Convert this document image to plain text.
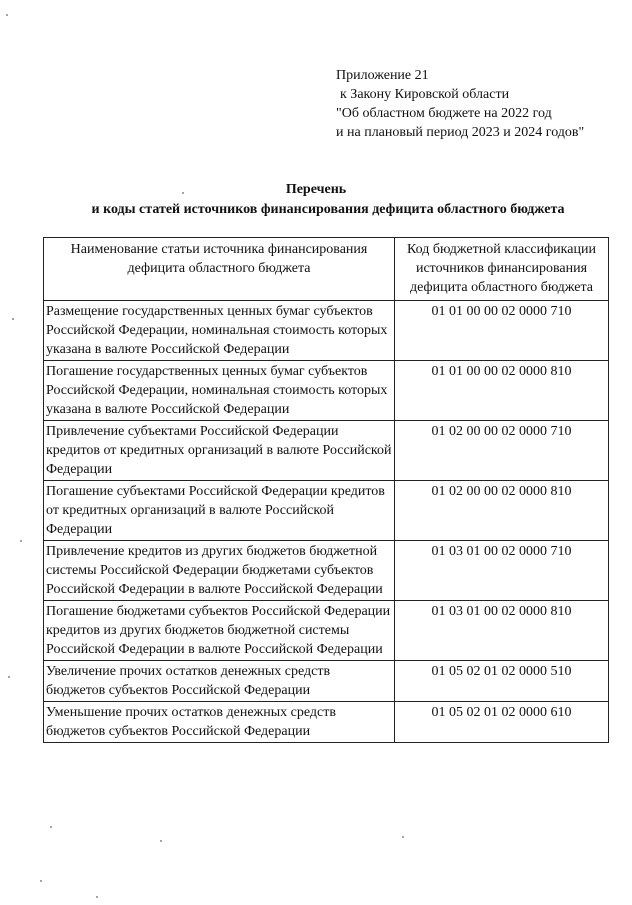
Приложение 21
к Закону Кировской области
"Об областном бюджете на 2022 год
и на плановый период 2023 и 2024 годов"
Перечень
и коды статей источников финансирования дефицита областного бюджета
Наименование статьи источника финансирования дефицита областного бюджета	Код бюджетной классификации источников финансирования дефицита областного бюджета
Размещение государственных ценных бумаг субъектов Российской Федерации, номинальная стоимость которых указана в валюте Российской Федерации	01 01 00 00 02 0000 710
Погашение государственных ценных бумаг субъектов Российской Федерации, номинальная стоимость которых указана в валюте Российской Федерации	01 01 00 00 02 0000 810
Привлечение субъектами Российской Федерации кредитов от кредитных организаций в валюте Российской Федерации	01 02 00 00 02 0000 710
Погашение субъектами Российской Федерации кредитов от кредитных организаций в валюте Российской Федерации	01 02 00 00 02 0000 810
Привлечение кредитов из других бюджетов бюджетной системы Российской Федерации бюджетами субъектов Российской Федерации в валюте Российской Федерации	01 03 01 00 02 0000 710
Погашение бюджетами субъектов Российской Федерации кредитов из других бюджетов бюджетной системы Российской Федерации в валюте Российской Федерации	01 03 01 00 02 0000 810
Увеличение прочих остатков денежных средств бюджетов субъектов Российской Федерации	01 05 02 01 02 0000 510
Уменьшение прочих остатков денежных средств бюджетов субъектов Российской Федерации	01 05 02 01 02 0000 610
